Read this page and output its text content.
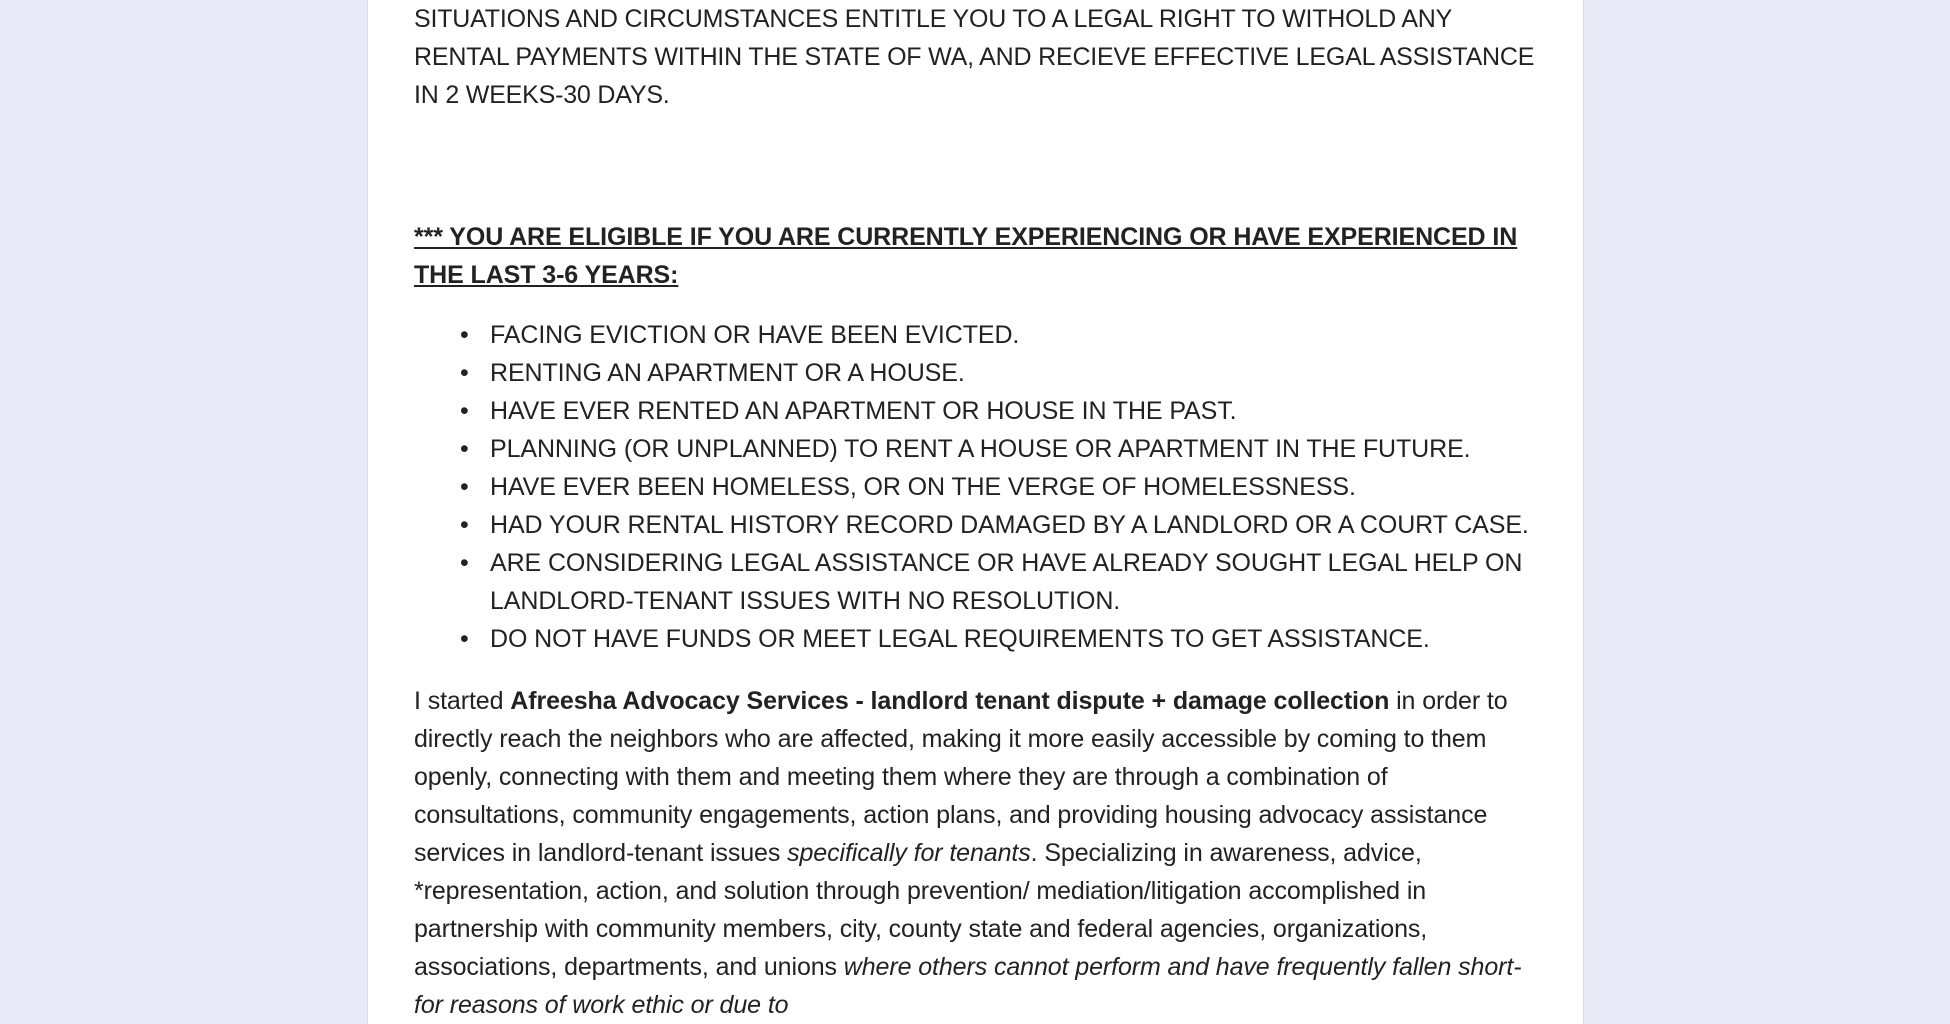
SITUATIONS AND CIRCUMSTANCES ENTITLE YOU TO A LEGAL RIGHT TO WITHOLD ANY RENTAL PAYMENTS WITHIN THE STATE OF WA, AND RECIEVE EFFECTIVE LEGAL ASSISTANCE IN 2 WEEKS-30 DAYS.

*** YOU ARE ELIGIBLE IF YOU ARE CURRENTLY EXPERIENCING OR HAVE EXPERIENCED IN THE LAST 3-6 YEARS:

• FACING EVICTION OR HAVE BEEN EVICTED.
• RENTING AN APARTMENT OR A HOUSE.
• HAVE EVER RENTED AN APARTMENT OR HOUSE IN THE PAST.
• PLANNING (OR UNPLANNED) TO RENT A HOUSE OR APARTMENT IN THE FUTURE.
• HAVE EVER BEEN HOMELESS, OR ON THE VERGE OF HOMELESSNESS.
• HAD YOUR RENTAL HISTORY RECORD DAMAGED BY A LANDLORD OR A COURT CASE.
• ARE CONSIDERING LEGAL ASSISTANCE OR HAVE ALREADY SOUGHT LEGAL HELP ON LANDLORD-TENANT ISSUES WITH NO RESOLUTION.
• DO NOT HAVE FUNDS OR MEET LEGAL REQUIREMENTS TO GET ASSISTANCE.

I started Afreesha Advocacy Services - landlord tenant dispute + damage collection in order to directly reach the neighbors who are affected, making it more easily accessible by coming to them openly, connecting with them and meeting them where they are through a combination of consultations, community engagements, action plans, and providing housing advocacy assistance services in landlord-tenant issues specifically for tenants. Specializing in awareness, advice, *representation, action, and solution through prevention/ mediation/litigation accomplished in partnership with community members, city, county state and federal agencies, organizations, associations, departments, and unions where others cannot perform and have frequently fallen short- for reasons of work ethic or due to
